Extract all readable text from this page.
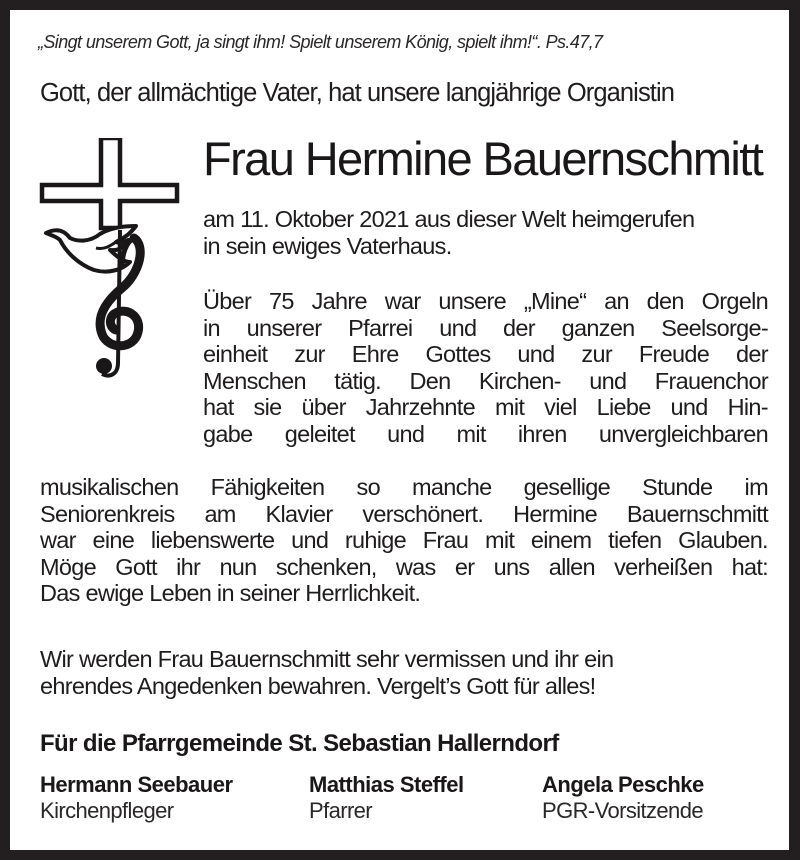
„Singt unserem Gott, ja singt ihm! Spielt unserem König, spielt ihm!“. Ps.47,7
Gott, der allmächtige Vater, hat unsere langjährige Organistin
Frau Hermine Bauernschmitt
am 11. Oktober 2021 aus dieser Welt heimgerufen
in sein ewiges Vaterhaus.
Über 75 Jahre war unsere „Mine“ an den Orgeln
in unserer Pfarrei und der ganzen Seelsorge-
einheit zur Ehre Gottes und zur Freude der
Menschen tätig. Den Kirchen- und Frauenchor
hat sie über Jahrzehnte mit viel Liebe und Hin-
gabe geleitet und mit ihren unvergleichbaren
musikalischen Fähigkeiten so manche gesellige Stunde im
Seniorenkreis am Klavier verschönert. Hermine Bauernschmitt
war eine liebenswerte und ruhige Frau mit einem tiefen Glauben.
Möge Gott ihr nun schenken, was er uns allen verheißen hat:
Das ewige Leben in seiner Herrlichkeit.
Wir werden Frau Bauernschmitt sehr vermissen und ihr ein
ehrendes Angedenken bewahren. Vergelt’s Gott für alles!
Für die Pfarrgemeinde St. Sebastian Hallerndorf
Hermann Seebauer
Kirchenpfleger
Matthias Steffel
Pfarrer
Angela Peschke
PGR-Vorsitzende
